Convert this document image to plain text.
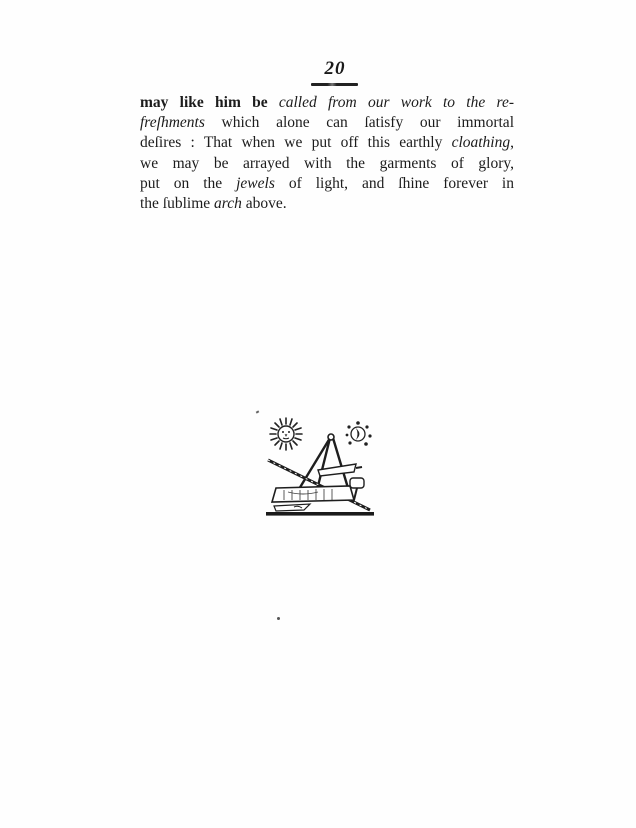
20
may like him be called from our work to the re-
freſhments which alone can ſatisfy our immortal
deſires : That when we put off this earthly cloathing,
we may be arrayed with the garments of glory,
put on the jewels of light, and ſhine forever in
the ſublime arch above.
